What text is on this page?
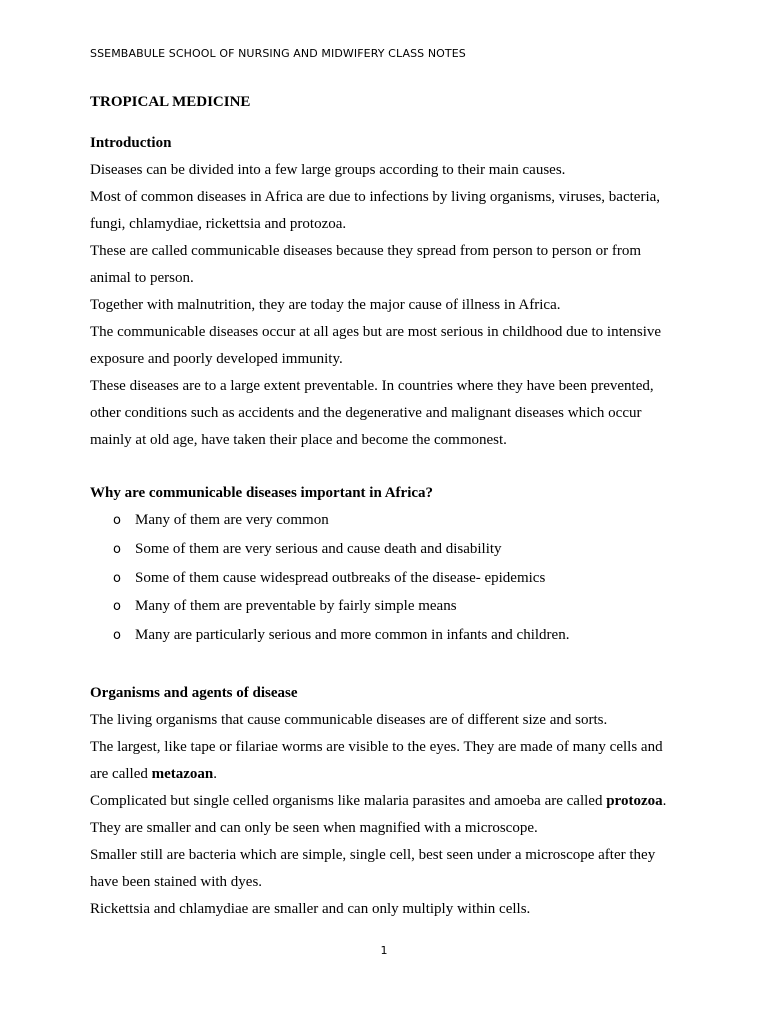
SSEMBABULE SCHOOL OF NURSING AND MIDWIFERY CLASS NOTES
TROPICAL MEDICINE
Introduction
Diseases can be divided into a few large groups according to their main causes.
Most of common diseases in Africa are due to infections by living organisms, viruses, bacteria,
fungi, chlamydiae, rickettsia and protozoa.
These are called communicable diseases because they spread from person to person or from
animal to person.
Together with malnutrition, they are today the major cause of illness in Africa.
The communicable diseases occur at all ages but are most serious in childhood due to intensive
exposure and poorly developed immunity.
These diseases are to a large extent preventable. In countries where they have been prevented,
other conditions such as accidents and the degenerative and malignant diseases which occur
mainly at old age, have taken their place and become the commonest.
Why are communicable diseases important in Africa?
o Many of them are very common
o Some of them are very serious and cause death and disability
o Some of them cause widespread outbreaks of the disease- epidemics
o Many of them are preventable by fairly simple means
o Many are particularly serious and more common in infants and children.
Organisms and agents of disease
The living organisms that cause communicable diseases are of different size and sorts.
The largest, like tape or filariae worms are visible to the eyes. They are made of many cells and
are called metazoan.
Complicated but single celled organisms like malaria parasites and amoeba are called protozoa.
They are smaller and can only be seen when magnified with a microscope.
Smaller still are bacteria which are simple, single cell, best seen under a microscope after they
have been stained with dyes.
Rickettsia and chlamydiae are smaller and can only multiply within cells.
1
